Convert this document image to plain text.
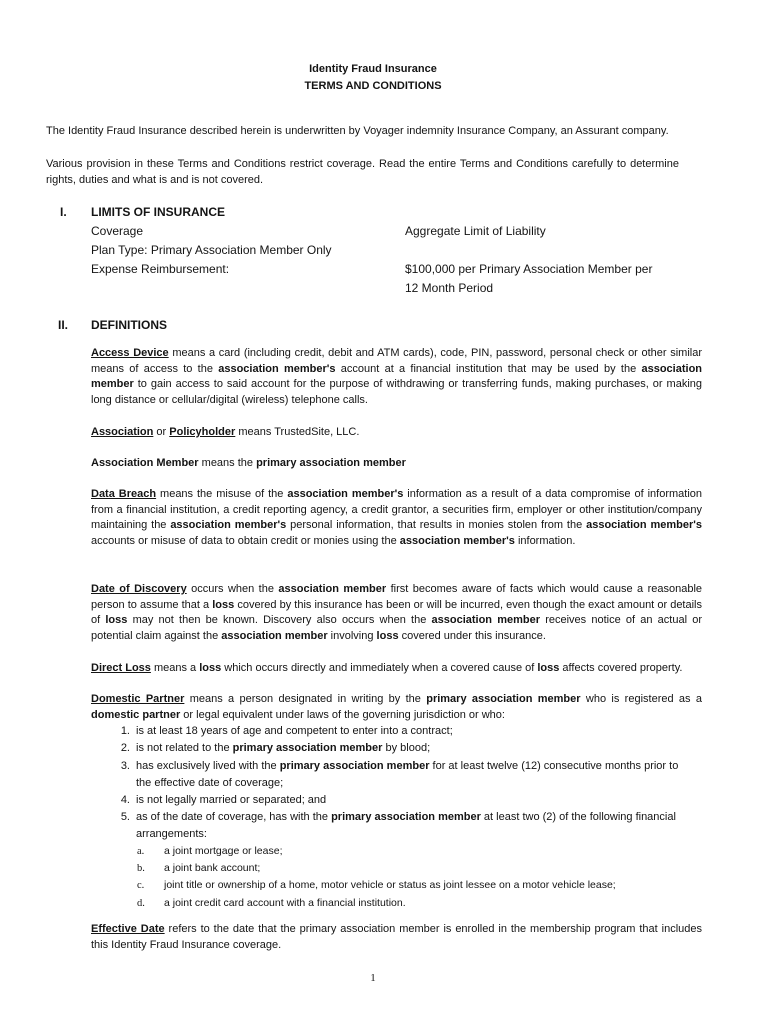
Identity Fraud Insurance
TERMS AND CONDITIONS
The Identity Fraud Insurance described herein is underwritten by Voyager indemnity Insurance Company, an Assurant company.
Various provision in these Terms and Conditions restrict coverage. Read the entire Terms and Conditions carefully to determine rights, duties and what is and is not covered.
I. LIMITS OF INSURANCE
Coverage	Aggregate Limit of Liability
Plan Type: Primary Association Member Only
Expense Reimbursement:	$100,000 per Primary Association Member per
12 Month Period
II. DEFINITIONS
Access Device means a card (including credit, debit and ATM cards), code, PIN, password, personal check or other similar means of access to the association member's account at a financial institution that may be used by the association member to gain access to said account for the purpose of withdrawing or transferring funds, making purchases, or making long distance or cellular/digital (wireless) telephone calls.
Association or Policyholder means TrustedSite, LLC.
Association Member means the primary association member
Data Breach means the misuse of the association member's information as a result of a data compromise of information from a financial institution, a credit reporting agency, a credit grantor, a securities firm, employer or other institution/company maintaining the association member's personal information, that results in monies stolen from the association member's accounts or misuse of data to obtain credit or monies using the association member's information.
Date of Discovery occurs when the association member first becomes aware of facts which would cause a reasonable person to assume that a loss covered by this insurance has been or will be incurred, even though the exact amount or details of loss may not then be known. Discovery also occurs when the association member receives notice of an actual or potential claim against the association member involving loss covered under this insurance.
Direct Loss means a loss which occurs directly and immediately when a covered cause of loss affects covered property.
Domestic Partner means a person designated in writing by the primary association member who is registered as a domestic partner or legal equivalent under laws of the governing jurisdiction or who:
1. is at least 18 years of age and competent to enter into a contract;
2. is not related to the primary association member by blood;
3. has exclusively lived with the primary association member for at least twelve (12) consecutive months prior to
the effective date of coverage;
4. is not legally married or separated; and
5. as of the date of coverage, has with the primary association member at least two (2) of the following financial
arrangements:
a. a joint mortgage or lease;
b. a joint bank account;
c. joint title or ownership of a home, motor vehicle or status as joint lessee on a motor vehicle lease;
d. a joint credit card account with a financial institution.
Effective Date refers to the date that the primary association member is enrolled in the membership program that includes this Identity Fraud Insurance coverage.
1
